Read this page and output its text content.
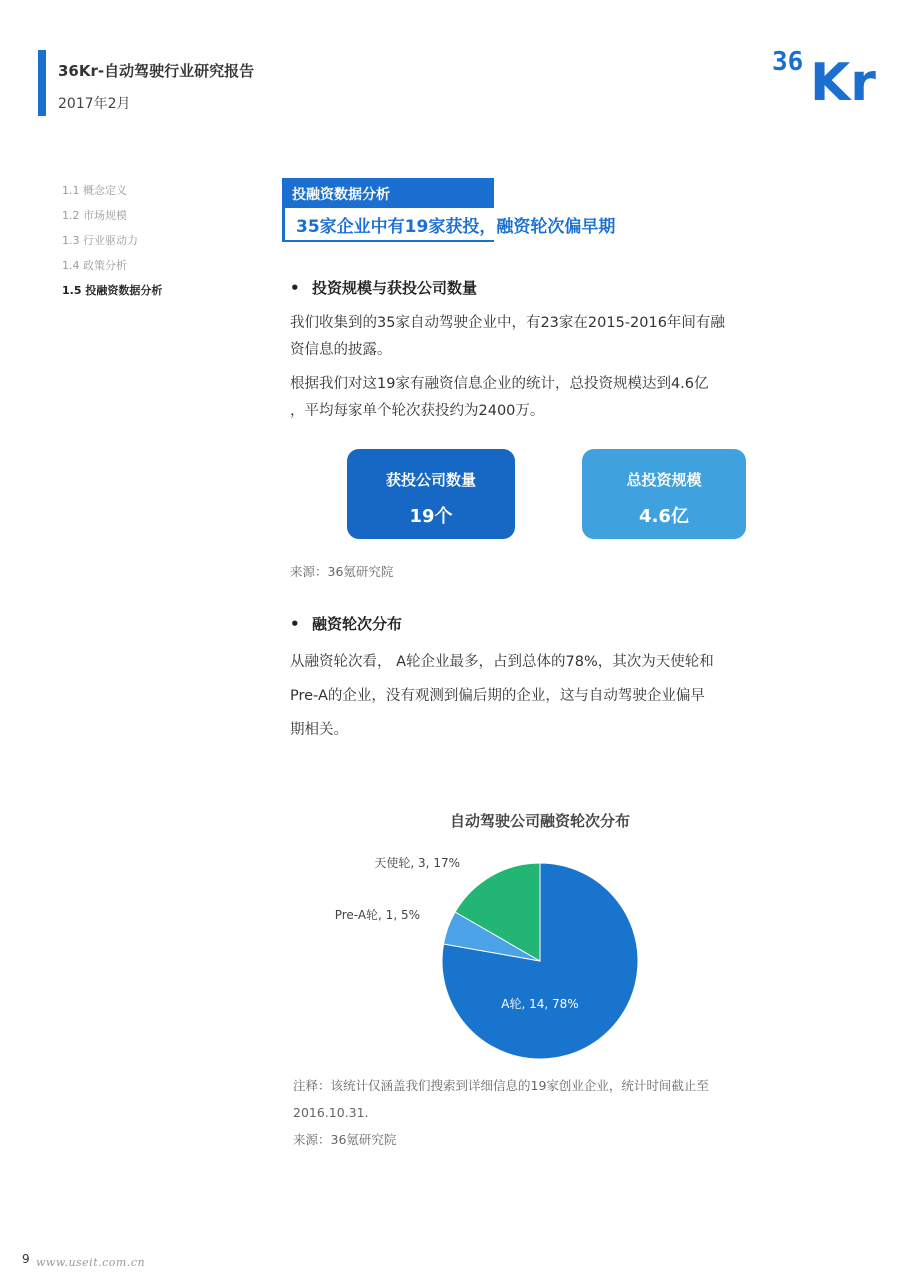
36Kr-自动驾驶行业研究报告
2017年2月
36 Kr
1.1 概念定义
1.2 市场规模
1.3 行业驱动力
1.4 政策分析
1.5 投融资数据分析
投融资数据分析
35家企业中有19家获投，融资轮次偏早期
• 投资规模与获投公司数量
我们收集到的35家自动驾驶企业中，有23家在2015-2016年间有融
资信息的披露。
根据我们对这19家有融资信息企业的统计，总投资规模达到4.6亿
，平均每家单个轮次获投约为2400万。
获投公司数量
19个
总投资规模
4.6亿
来源：36氪研究院
• 融资轮次分布
从融资轮次看， A轮企业最多，占到总体的78%，其次为天使轮和
Pre-A的企业，没有观测到偏后期的企业，这与自动驾驶企业偏早
期相关。
自动驾驶公司融资轮次分布
A轮, 14, 78%
Pre-A轮, 1, 5%
天使轮, 3, 17%
注释：该统计仅涵盖我们搜索到详细信息的19家创业企业，统计时间截止至
2016.10.31.
来源：36氪研究院
9 www.useit.com.cn
